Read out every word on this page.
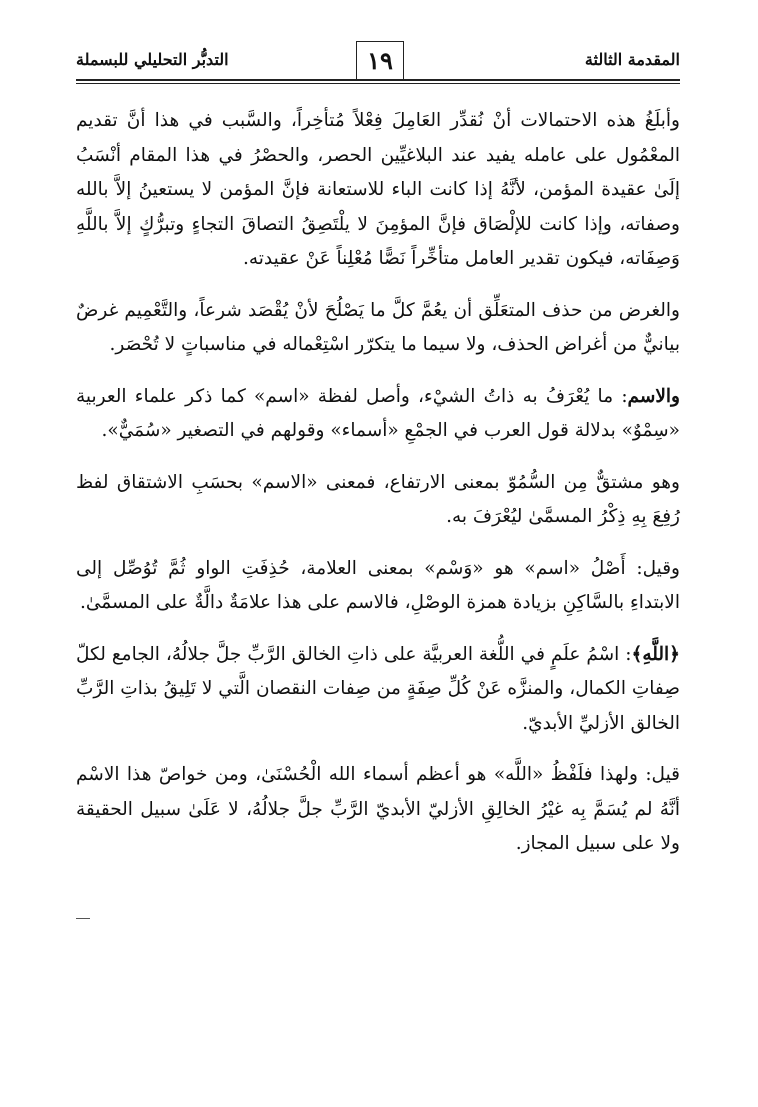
المقدمة الثالثة
١٩
التدبُّر التحليلي للبسملة

وأبلَغُ هذه الاحتمالات أنْ نُقدِّر العَامِلَ فِعْلاً مُتأخِراً، والسَّبب في هذا أنَّ تقديم المعْمُول على عامله يفيد عند البلاغيِّين الحصر، والحصْرُ في هذا المقام أنْسَبُ إلَىٰ عقيدة المؤمن، لأنَّهُ إذا كانت الباء للاستعانة فإنَّ المؤمن لا يستعينُ إلاَّ بالله وصفاته، وإذا كانت للإلْصَاق فإنَّ المؤمِنَ لا يلْتَصِقُ التصاقَ التجاءٍ وتبرُّكٍ إلاَّ باللَّهِ وَصِفَاته، فيكون تقدير العامل متأخِّراً نَصًّا مُعْلِناً عَنْ عقيدته.

والغرض من حذف المتعَلِّق أن يعُمَّ كلَّ ما يَصْلُحَ لأنْ يُقْصَد شرعاً، والتَّعْمِيم غرضٌ بيانيٌّ من أغراض الحذف، ولا سيما ما يتكرّر اسْتِعْماله في مناسباتٍ لا تُحْصَر.

والاسم: ما يُعْرَفُ به ذاتُ الشيْء، وأصل لفظة «اسم» كما ذكر علماء العربية «سِمْوٌ» بدلالة قول العرب في الجمْعِ «أسماء» وقولهم في التصغير «سُمَيٌّ».

وهو مشتقٌّ مِن السُّمُوّ بمعنى الارتفاع، فمعنى «الاسم» بحسَبِ الاشتقاق لفظ رُفِعَ بِهِ ذِكْرُ المسمَّىٰ ليُعْرَفَ به.

وقيل: أَصْلُ «اسم» هو «وَسْم» بمعنى العلامة، حُذِفَتِ الواو ثُمَّ تُوُصِّل إلى الابتداءِ بالسَّاكِنِ بزيادة همزة الوصْلِ، فالاسم على هذا علامَةٌ دالَّةٌ على المسمَّىٰ.

﴿اللَّهِ﴾: اسْمُ علَمٍ في اللُّغة العربيَّة على ذاتِ الخالق الرَّبِّ جلَّ جلالُهُ، الجامع لكلّ صِفاتِ الكمال، والمنزَّه عَنْ كُلِّ صِفَةٍ من صِفات النقصان الَّتي لا تَلِيقُ بذاتِ الرَّبِّ الخالق الأزليِّ الأبديّ.

قيل: ولهذا فلَفْظُ «اللَّه» هو أعظم أسماء الله الْحُسْنَىٰ، ومن خواصّ هذا الاسْم أنَّهُ لم يُسَمَّ بِه غيْرُ الخالِقِ الأزليّ الأبديّ الرَّبِّ جلَّ جلالُهُ، لا عَلَىٰ سبيل الحقيقة ولا على سبيل المجاز.
